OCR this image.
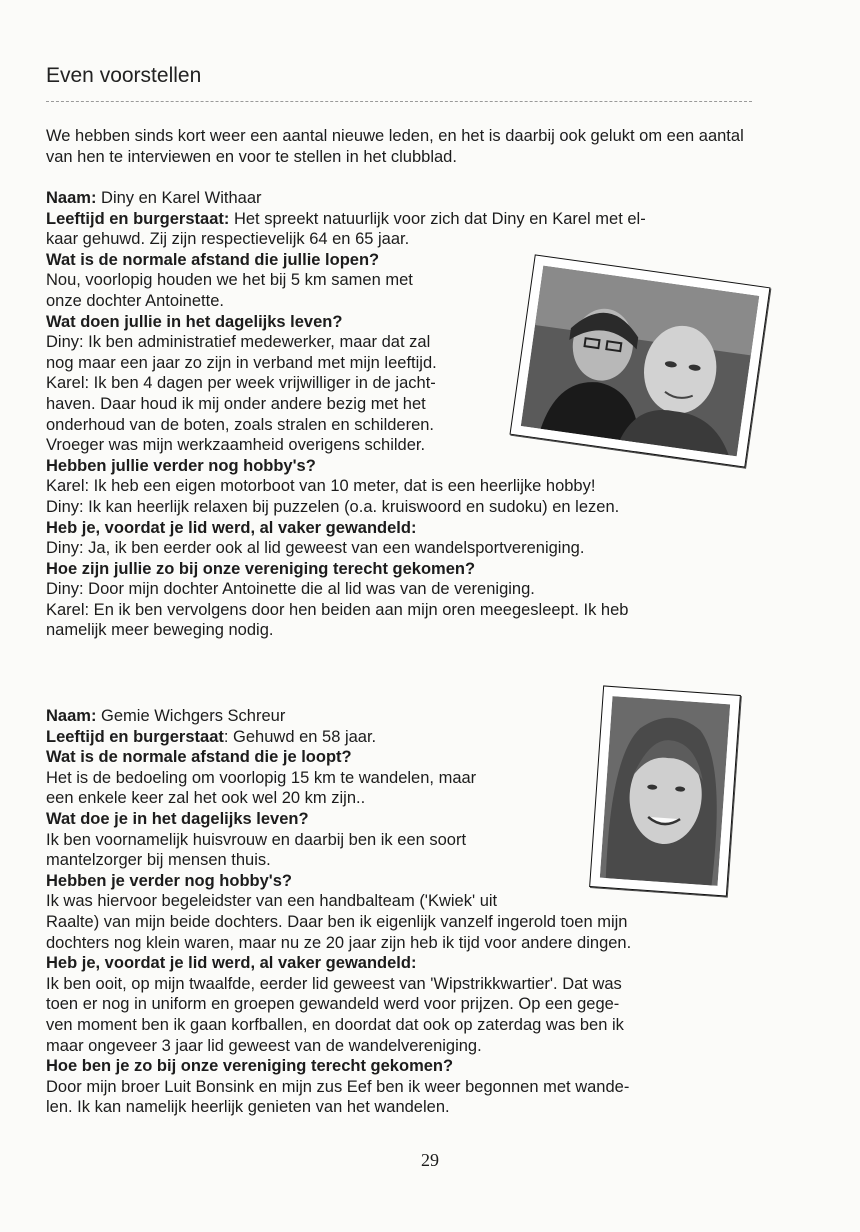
Even voorstellen
We hebben sinds kort weer een aantal nieuwe leden, en het is daarbij ook gelukt om een aantal van hen te interviewen en voor te stellen in het clubblad.

Naam: Diny en Karel Withaar

Leeftijd en burgerstaat: Het spreekt natuurlijk voor zich dat Diny en Karel met el-

kaar gehuwd. Zij zijn respectievelijk 64 en 65 jaar.

Wat is de normale afstand die jullie lopen?

Nou, voorlopig houden we het bij 5 km samen met

onze dochter Antoinette.

Wat doen jullie in het dagelijks leven?

Diny: Ik ben administratief medewerker, maar dat zal

nog maar een jaar zo zijn in verband met mijn leeftijd.

Karel: Ik ben 4 dagen per week vrijwilliger in de jacht-

haven. Daar houd ik mij onder andere bezig met het

onderhoud van de boten, zoals stralen en schilderen.

Vroeger was mijn werkzaamheid overigens schilder.

Hebben jullie verder nog hobby's?

Karel: Ik heb een eigen motorboot van 10 meter, dat is een heerlijke hobby!

Diny: Ik kan heerlijk relaxen bij puzzelen (o.a. kruiswoord en sudoku) en lezen.

Heb je, voordat je lid werd, al vaker gewandeld:

Diny: Ja, ik ben eerder ook al lid geweest van een wandelsportvereniging.

Hoe zijn jullie zo bij onze vereniging terecht gekomen?

Diny: Door mijn dochter Antoinette die al lid was van de vereniging.

Karel: En ik ben vervolgens door hen beiden aan mijn oren meegesleept. Ik heb

namelijk meer beweging nodig.

Naam: Gemie Wichgers Schreur

Leeftijd en burgerstaat: Gehuwd en 58 jaar.

Wat is de normale afstand die je loopt?

Het is de bedoeling om voorlopig 15 km te wandelen, maar

een enkele keer zal het ook wel 20 km zijn..

Wat doe je in het dagelijks leven?

Ik ben voornamelijk huisvrouw en daarbij ben ik een soort

mantelzorger bij mensen thuis.

Hebben je verder nog hobby's?

Ik was hiervoor begeleidster van een handbalteam ('Kwiek' uit

Raalte) van mijn beide dochters. Daar ben ik eigenlijk vanzelf ingerold toen mijn

dochters nog klein waren, maar nu ze 20 jaar zijn heb ik tijd voor andere dingen.

Heb je, voordat je lid werd, al vaker gewandeld:

Ik ben ooit, op mijn twaalfde, eerder lid geweest van 'Wipstrikkwartier'. Dat was

toen er nog in uniform en groepen gewandeld werd voor prijzen. Op een gege-

ven moment ben ik gaan korfballen, en doordat dat ook op zaterdag was ben ik

maar ongeveer 3 jaar lid geweest van de wandelvereniging.

Hoe ben je zo bij onze vereniging terecht gekomen?

Door mijn broer Luit Bonsink en mijn zus Eef ben ik weer begonnen met wande-

len. Ik kan namelijk heerlijk genieten van het wandelen.

29
